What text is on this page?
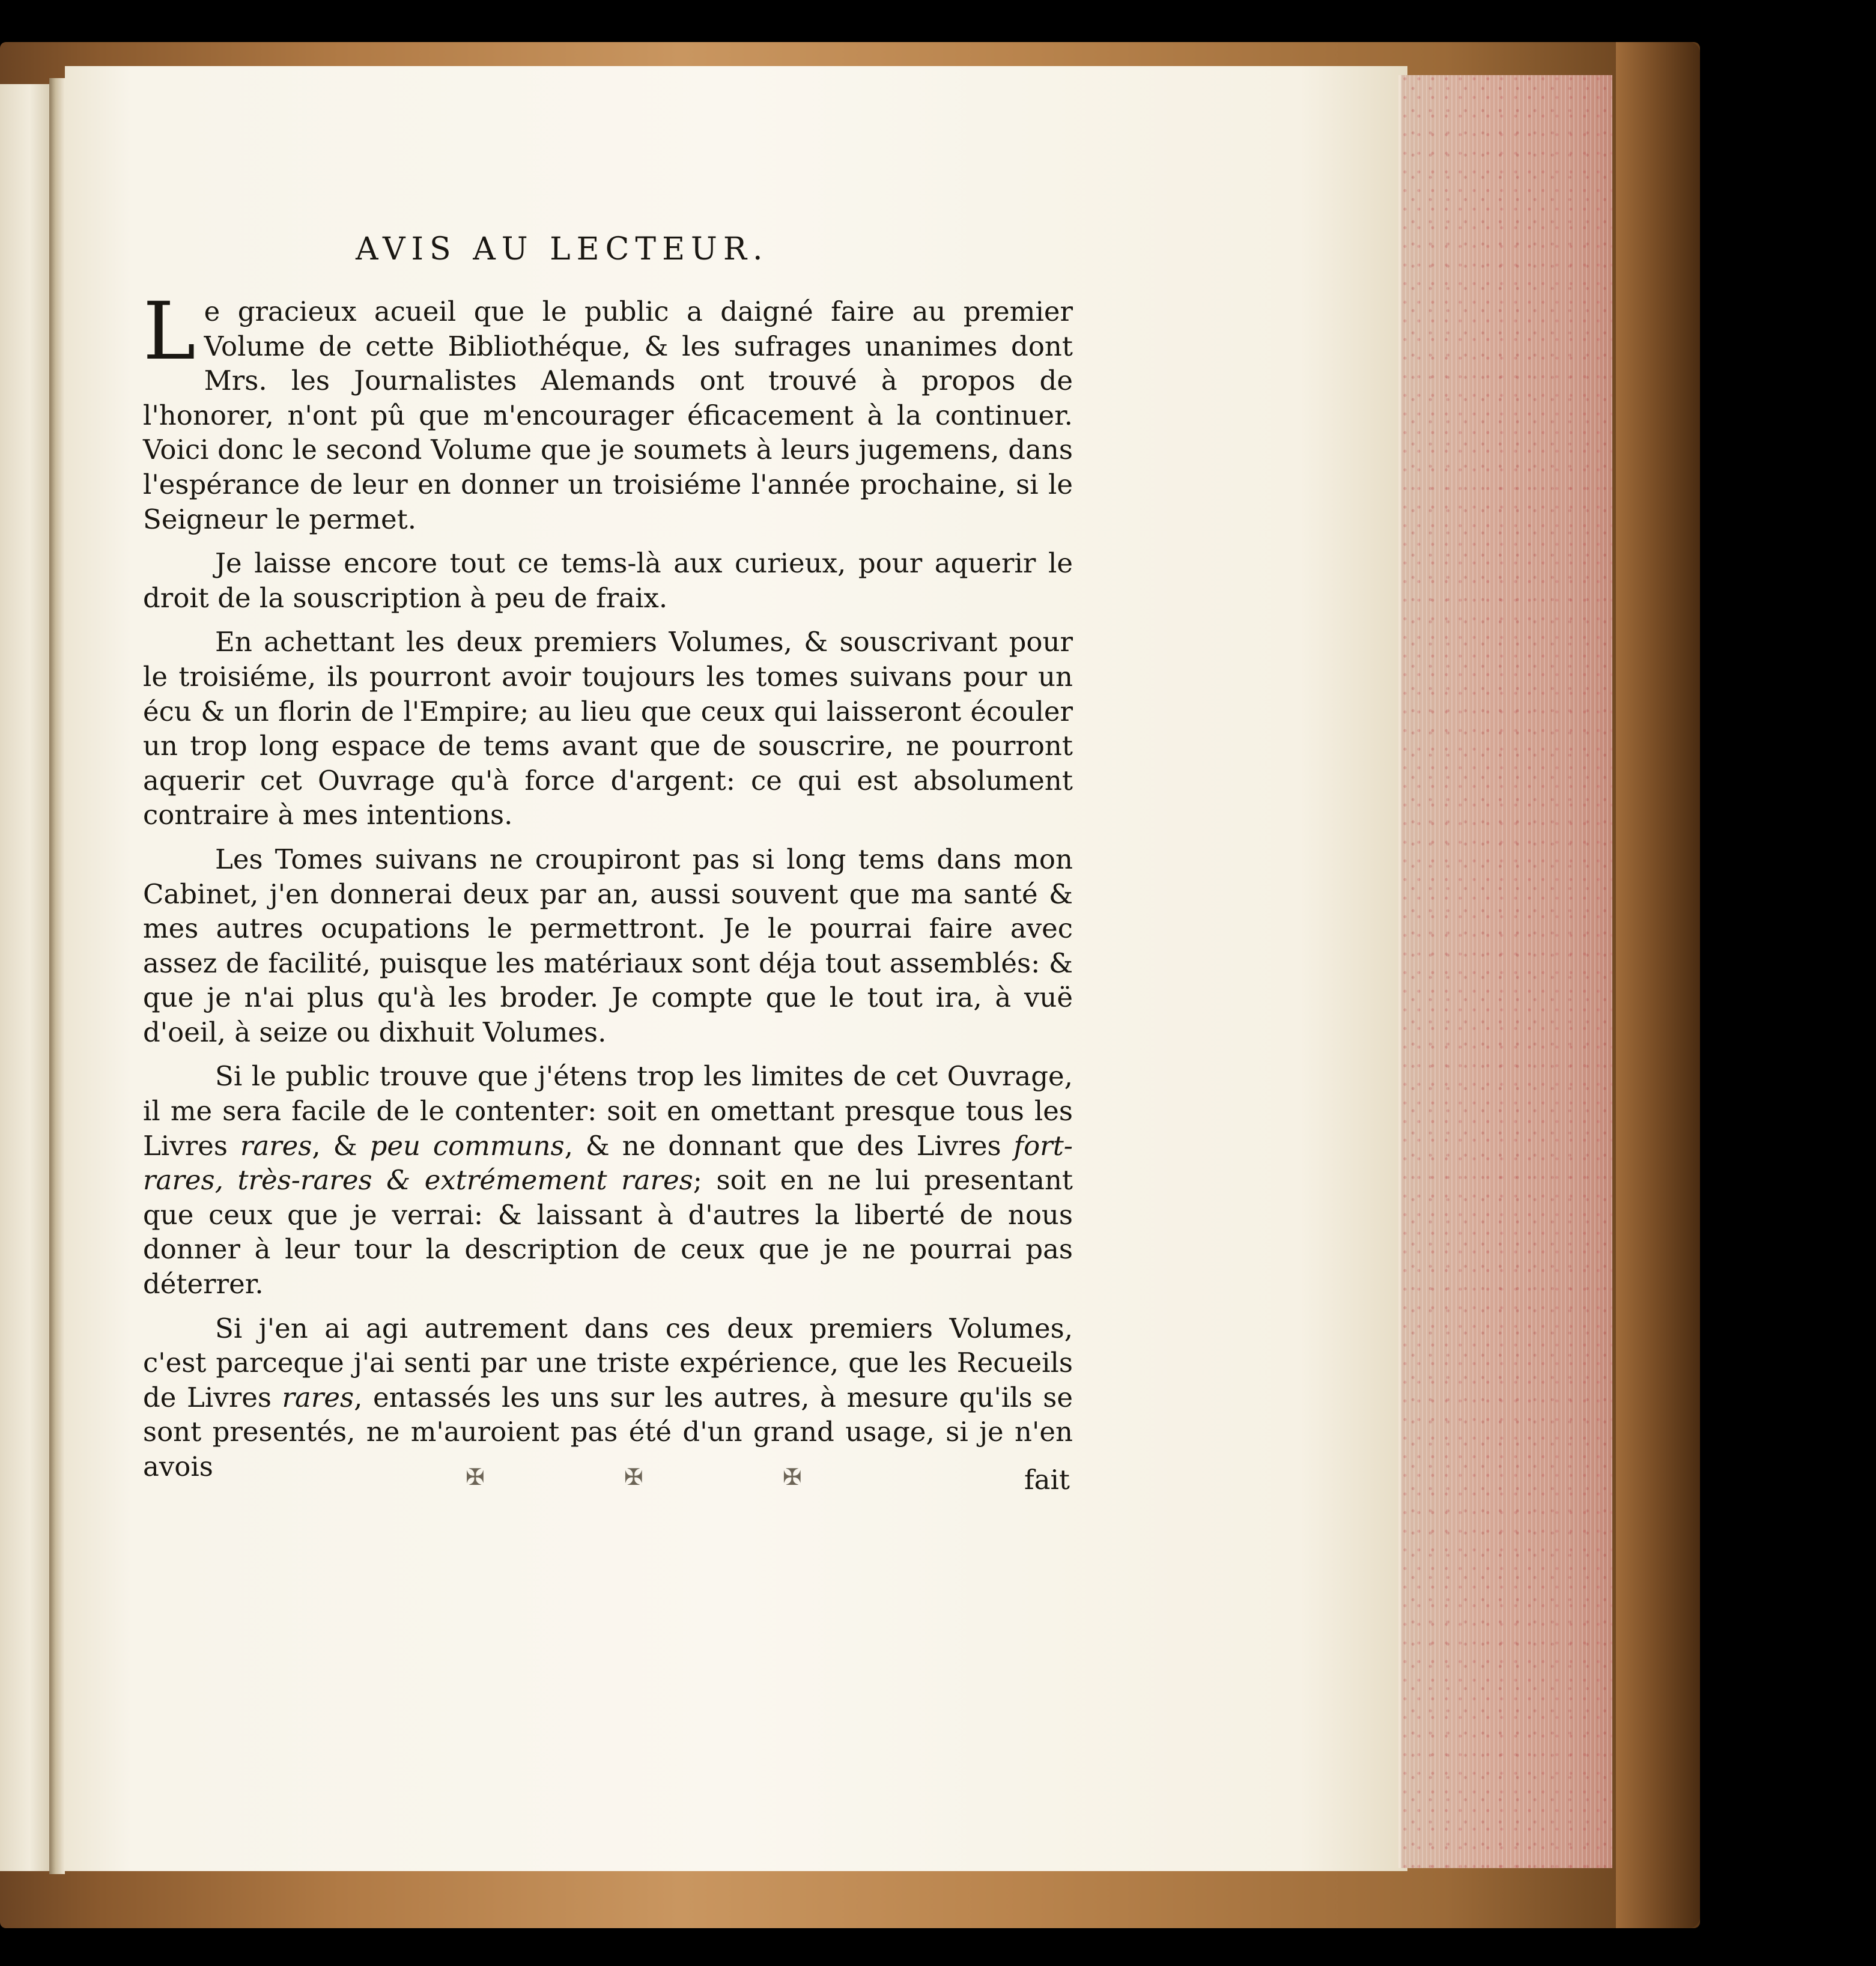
AVIS AU LECTEUR.

Le gracieux acueil que le public a daigné faire au premier Volume de cette Bibliothéque, & les sufrages unanimes dont Mrs. les Journalistes Alemands ont trouvé à propos de l'honorer, n'ont pû que m'encourager éficacement à la continuer. Voici donc le second Volume que je soumets à leurs jugemens, dans l'espérance de leur en donner un troisiéme l'année prochaine, si le Seigneur le permet.

Je laisse encore tout ce tems-là aux curieux, pour aquerir le droit de la souscription à peu de fraix.

En achettant les deux premiers Volumes, & souscrivant pour le troisiéme, ils pourront avoir toujours les tomes suivans pour un écu & un florin de l'Empire; au lieu que ceux qui laisseront écouler un trop long espace de tems avant que de souscrire, ne pourront aquerir cet Ouvrage qu'à force d'argent: ce qui est absolument contraire à mes intentions.

Les Tomes suivans ne croupiront pas si long tems dans mon Cabinet, j'en donnerai deux par an, aussi souvent que ma santé & mes autres ocupations le permettront. Je le pourrai faire avec assez de facilité, puisque les matériaux sont déja tout assemblés: & que je n'ai plus qu'à les broder. Je compte que le tout ira, à vuë d'oeil, à seize ou dixhuit Volumes.

Si le public trouve que j'étens trop les limites de cet Ouvrage, il me sera facile de le contenter: soit en omettant presque tous les Livres rares, & peu communs, & ne donnant que des Livres fort-rares, très-rares & extrémement rares; soit en ne lui presentant que ceux que je verrai: & laissant à d'autres la liberté de nous donner à leur tour la description de ceux que je ne pourrai pas déterrer.

Si j'en ai agi autrement dans ces deux premiers Volumes, c'est parceque j'ai senti par une triste expérience, que les Recueils de Livres rares, entassés les uns sur les autres, à mesure qu'ils se sont presentés, ne m'auroient pas été d'un grand usage, si je n'en avois	✠ ✠ ✠	fait
